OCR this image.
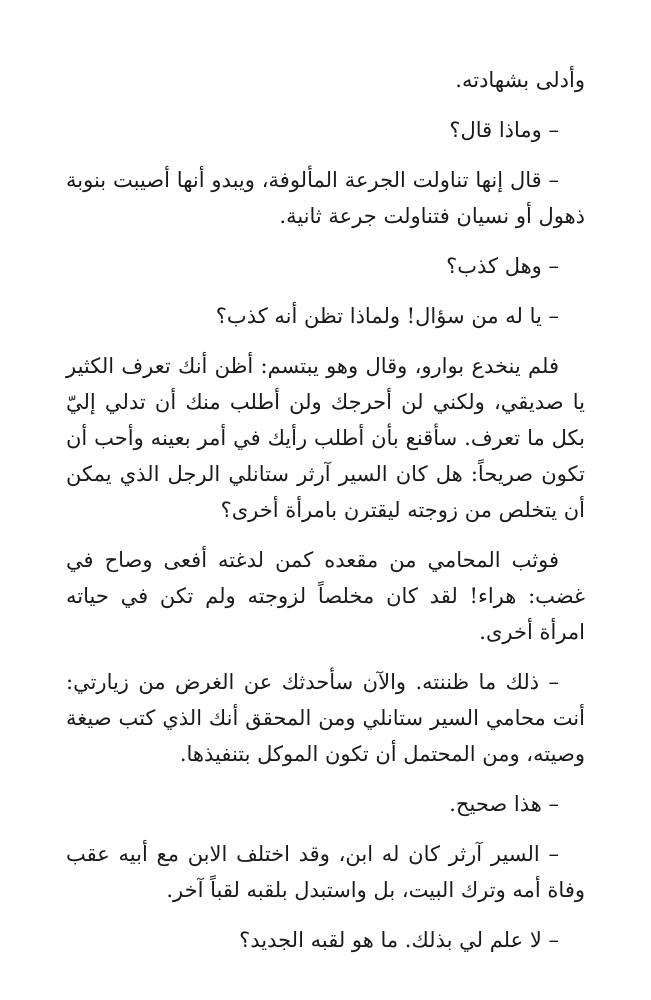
وأدلى بشهادته.

– وماذا قال؟

– قال إنها تناولت الجرعة المألوفة، ويبدو أنها أصيبت بنوبة ذهول أو نسيان فتناولت جرعة ثانية.

– وهل كذب؟

– يا له من سؤال! ولماذا تظن أنه كذب؟

فلم ينخدع بوارو، وقال وهو يبتسم: أظن أنك تعرف الكثير يا صديقي، ولكني لن أحرجك ولن أطلب منك أن تدلي إليّ بكل ما تعرف. سأقنع بأن أطلب رأيك في أمر بعينه وأحب أن تكون صريحاً: هل كان السير آرثر ستانلي الرجل الذي يمكن أن يتخلص من زوجته ليقترن بامرأة أخرى؟

فوثب المحامي من مقعده كمن لدغته أفعى وصاح في غضب: هراء! لقد كان مخلصاً لزوجته ولم تكن في حياته امرأة أخرى.

– ذلك ما ظننته. والآن سأحدثك عن الغرض من زيارتي: أنت محامي السير ستانلي ومن المحقق أنك الذي كتب صيغة وصيته، ومن المحتمل أن تكون الموكل بتنفيذها.

– هذا صحيح.

– السير آرثر كان له ابن، وقد اختلف الابن مع أبيه عقب وفاة أمه وترك البيت، بل واستبدل بلقبه لقباً آخر.

– لا علم لي بذلك. ما هو لقبه الجديد؟
